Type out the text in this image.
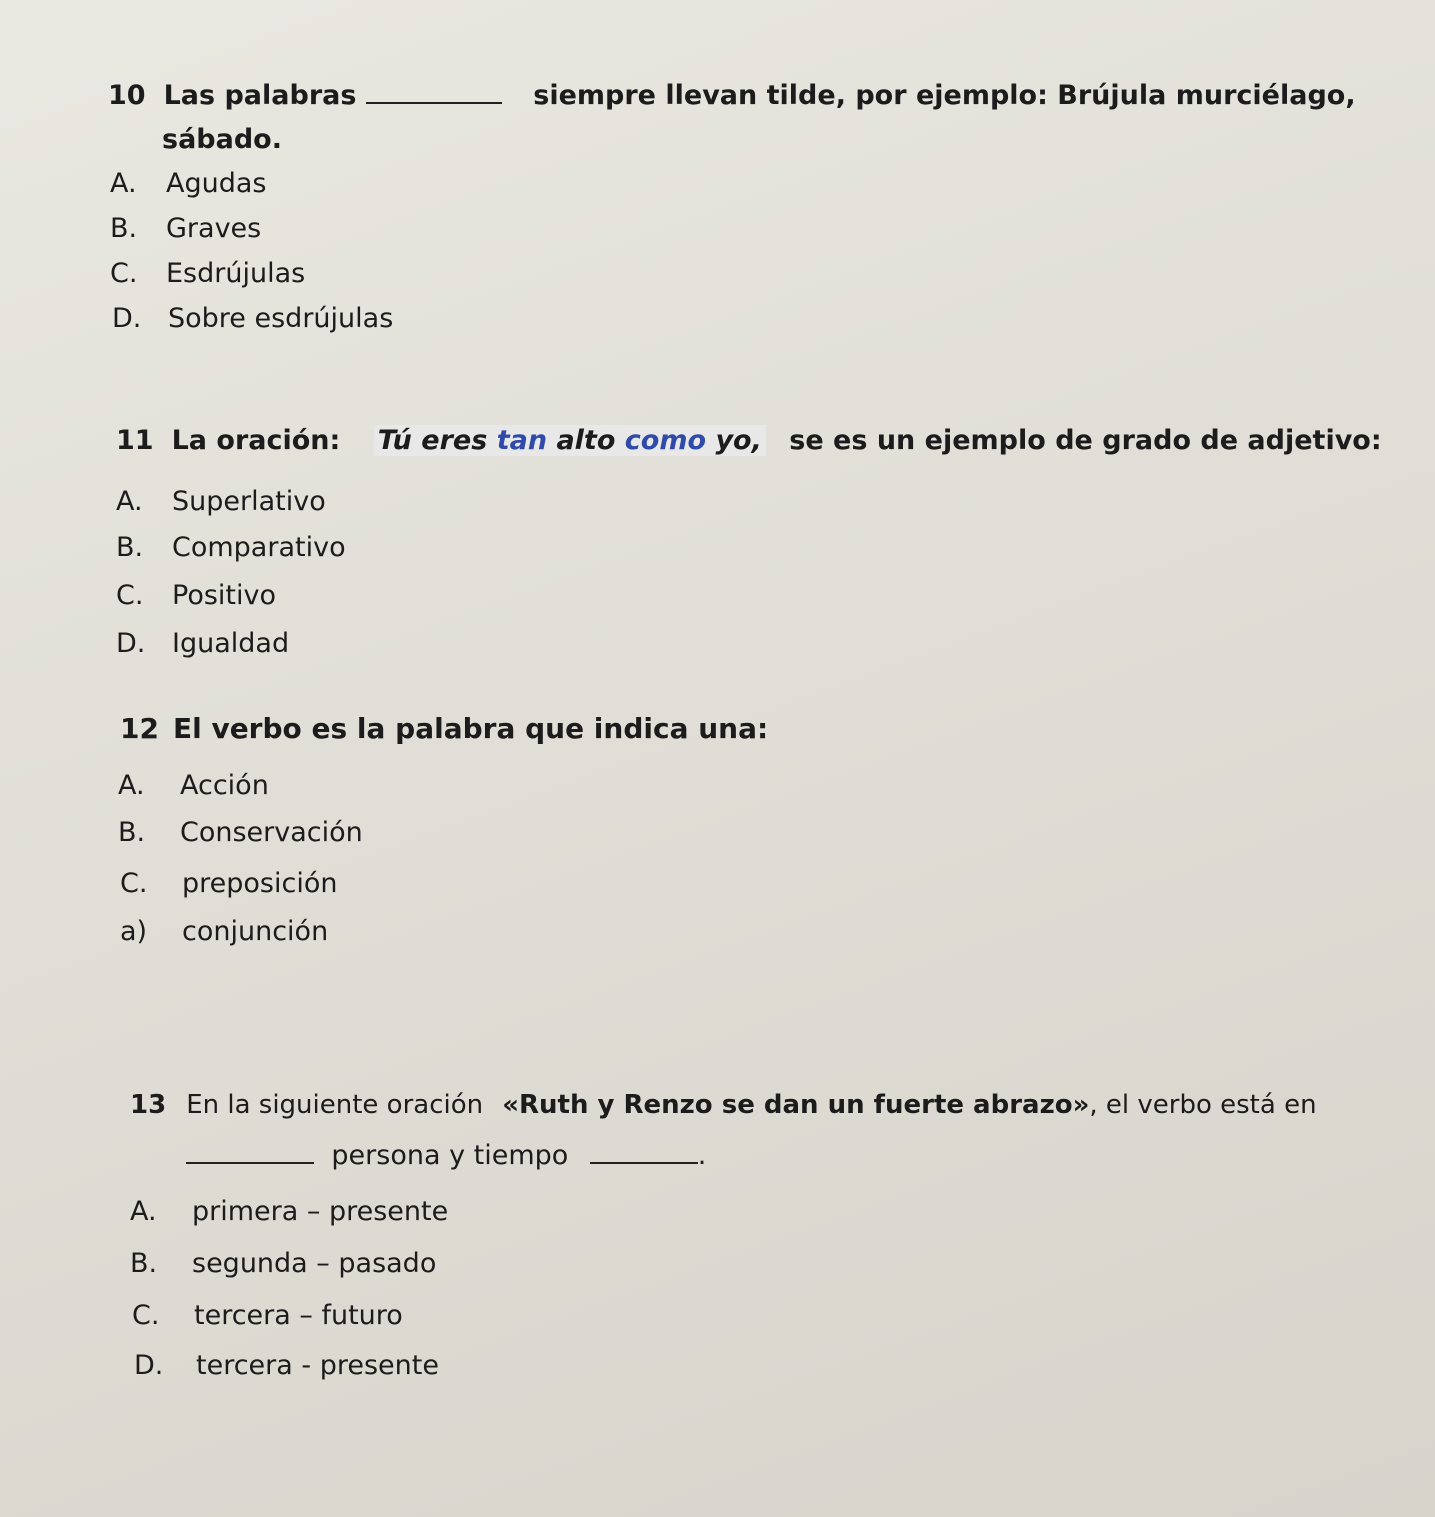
10 Las palabras	siempre llevan tilde, por ejemplo: Brújula murciélago,
sábado.
A. Agudas
B. Graves
C. Esdrújulas
D. Sobre esdrújulas
11 La oración: Tú eres tan alto como yo, se es un ejemplo de grado de adjetivo:
A. Superlativo
B. Comparativo
C. Positivo
D. Igualdad
12 El verbo es la palabra que indica una:
A. Acción
B. Conservación
C. preposición
a) conjunción
13 En la siguiente oración «Ruth y Renzo se dan un fuerte abrazo», el verbo está en
persona y tiempo	.
A. primera – presente
B. segunda – pasado
C. tercera – futuro
D. tercera - presente
